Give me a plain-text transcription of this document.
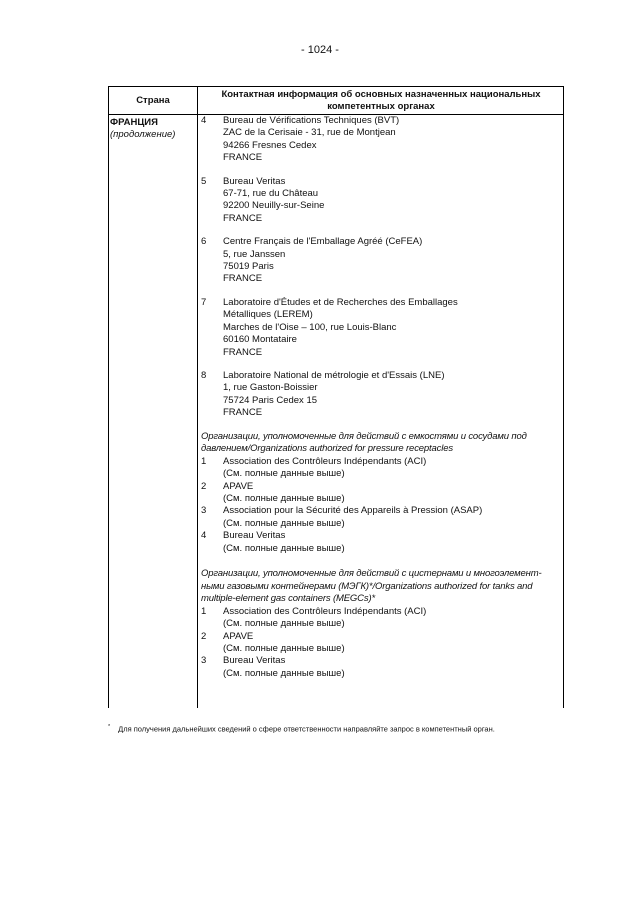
- 1024 -
Страна
Контактная информация об основных назначенных национальных компетентных органах
ФРАНЦИЯ (продолжение)
4	Bureau de Vérifications Techniques (BVT)
ZAC de la Cerisaie - 31, rue de Montjean
94266 Fresnes Cedex
FRANCE
5	Bureau Veritas
67-71, rue du Château
92200 Neuilly-sur-Seine
FRANCE
6	Centre Français de l'Emballage Agréé (CeFEA)
5, rue Janssen
75019 Paris
FRANCE
7	Laboratoire d'Études et de Recherches des Emballages
Métalliques (LEREM)
Marches de l'Oise – 100, rue Louis-Blanc
60160 Montataire
FRANCE
8	Laboratoire National de métrologie et d'Essais (LNE)
1, rue Gaston-Boissier
75724 Paris Cedex 15
FRANCE
Организации, уполномоченные для действий с емкостями и сосудами под
давлением/Organizations authorized for pressure receptacles
1	Association des Contrôleurs Indépendants (ACI)
(См. полные данные выше)
2	APAVE
(См. полные данные выше)
3	Association pour la Sécurité des Appareils à Pression (ASAP)
(См. полные данные выше)
4	Bureau Veritas
(См. полные данные выше)
Организации, уполномоченные для действий с цистернами и многоэлемент-
ными газовыми контейнерами (МЭГК)*/Organizations authorized for tanks and
multiple-element gas containers (MEGCs)*
1	Association des Contrôleurs Indépendants (ACI)
(См. полные данные выше)
2	APAVE
(См. полные данные выше)
3	Bureau Veritas
(См. полные данные выше)
* Для получения дальнейших сведений о сфере ответственности направляйте запрос в компетентный орган.
